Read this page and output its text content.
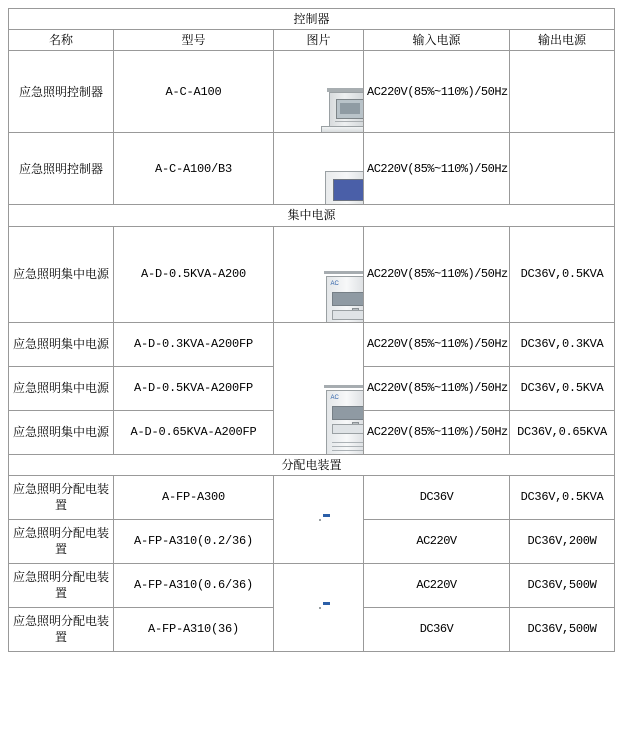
控制器				
名称	型号	图片	输入电源	输出电源
应急照明控制器	A-C-A100		AC220V(85%~110%)/50Hz	
应急照明控制器	A-C-A100/B3		AC220V(85%~110%)/50Hz	
集中电源				
应急照明集中电源	A-D-0.5KVA-A200	AC	AC220V(85%~110%)/50Hz	DC36V,0.5KVA
应急照明集中电源	A-D-0.3KVA-A200FP	AC	AC220V(85%~110%)/50Hz	DC36V,0.3KVA
应急照明集中电源	A-D-0.5KVA-A200FP		AC220V(85%~110%)/50Hz	DC36V,0.5KVA
应急照明集中电源	A-D-0.65KVA-A200FP		AC220V(85%~110%)/50Hz	DC36V,0.65KVA
分配电装置				
应急照明分配电装置	A-FP-A300		DC36V	DC36V,0.5KVA
应急照明分配电装置	A-FP-A310(0.2/36)		AC220V	DC36V,200W
应急照明分配电装置	A-FP-A310(0.6/36)		AC220V	DC36V,500W
应急照明分配电装置	A-FP-A310(36)		DC36V	DC36V,500W
